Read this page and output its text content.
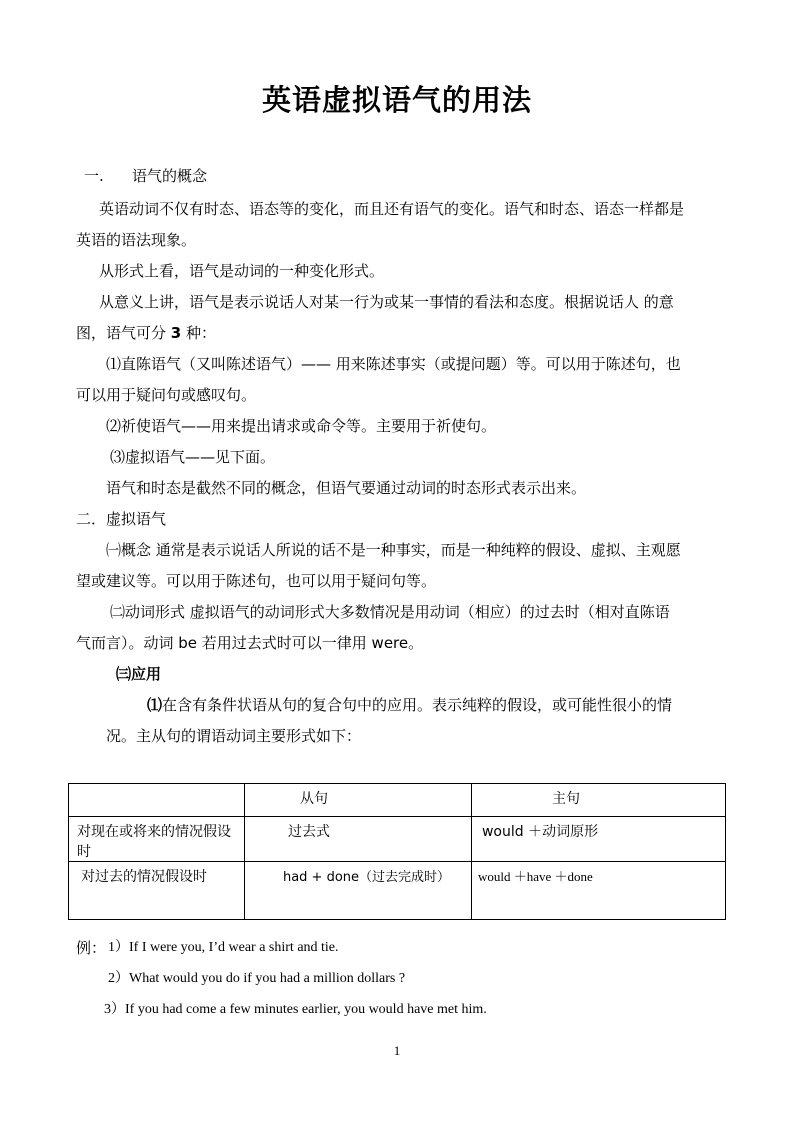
英语虚拟语气的用法
一. 语气的概念
英语动词不仅有时态、语态等的变化，而且还有语气的变化。语气和时态、语态一样都是
英语的语法现象。
从形式上看，语气是动词的一种变化形式。
从意义上讲，语气是表示说话人对某一行为或某一事情的看法和态度。根据说话人 的意
图，语气可分 3 种：
⑴直陈语气（又叫陈述语气）—— 用来陈述事实（或提问题）等。可以用于陈述句，也
可以用于疑问句或感叹句。
⑵祈使语气——用来提出请求或命令等。主要用于祈使句。
⑶虚拟语气——见下面。
语气和时态是截然不同的概念，但语气要通过动词的时态形式表示出来。
二．虚拟语气
㈠概念 通常是表示说话人所说的话不是一种事实，而是一种纯粹的假设、虚拟、主观愿
望或建议等。可以用于陈述句，也可以用于疑问句等。
㈡动词形式 虚拟语气的动词形式大多数情况是用动词（相应）的过去时（相对直陈语
气而言）。动词 be 若用过去式时可以一律用 were。
㈢应用
⑴在含有条件状语从句的复合句中的应用。表示纯粹的假设，或可能性很小的情
况。主从句的谓语动词主要形式如下：
	从句	主句
对现在或将来的情况假设时	过去式	would ＋动词原形
对过去的情况假设时	had + done（过去完成时）	would ＋have ＋done
例： 1）If I were you, I’d wear a shirt and tie.
2）What would you do if you had a million dollars ?
3）If you had come a few minutes earlier, you would have met him.
1
